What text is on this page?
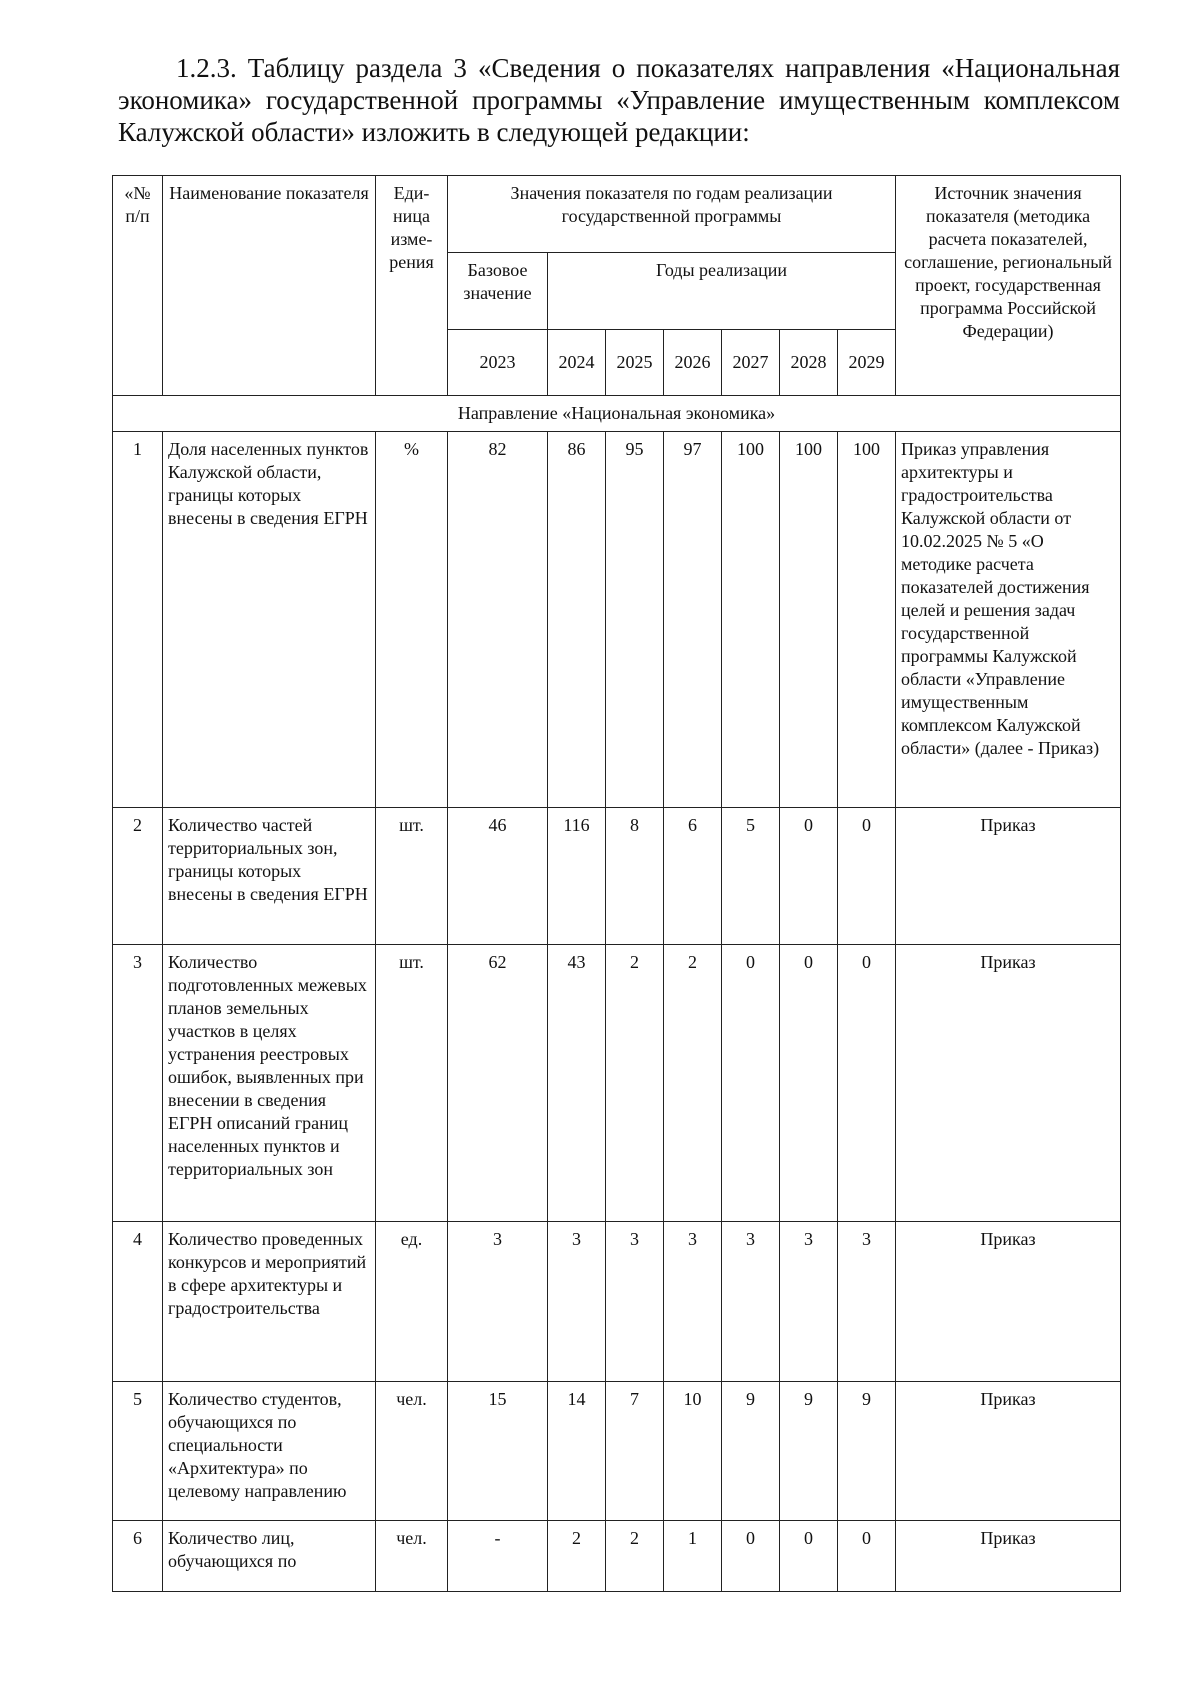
1.2.3. Таблицу раздела 3 «Сведения о показателях направления «Национальная экономика» государственной программы «Управление имущественным комплексом Калужской области» изложить в следующей редакции:

«№ п/п	Наименование показателя	Еди-ница изме-рения	Значения показателя по годам реализации государственной программы							Источник значения показателя (методика расчета показателей, соглашение, региональный проект, государственная программа Российской Федерации)
			Базовое значение	Годы реализации						
			2023	2024	2025	2026	2027	2028	2029	
Направление «Национальная экономика»										
1	Доля населенных пунктов Калужской области, границы которых внесены в сведения ЕГРН	%	82	86	95	97	100	100	100	Приказ управления архитектуры и градостроительства Калужской области от 10.02.2025 № 5 «О методике расчета показателей достижения целей и решения задач государственной программы Калужской области «Управление имущественным комплексом Калужской области» (далее - Приказ)
2	Количество частей территориальных зон, границы которых внесены в сведения ЕГРН	шт.	46	116	8	6	5	0	0	Приказ
3	Количество подготовленных межевых планов земельных участков в целях устранения реестровых ошибок, выявленных при внесении в сведения ЕГРН описаний границ населенных пунктов и территориальных зон	шт.	62	43	2	2	0	0	0	Приказ
4	Количество проведенных конкурсов и мероприятий в сфере архитектуры и градостроительства	ед.	3	3	3	3	3	3	3	Приказ
5	Количество студентов, обучающихся по специальности «Архитектура» по целевому направлению	чел.	15	14	7	10	9	9	9	Приказ
6	Количество лиц, обучающихся по	чел.	-	2	2	1	0	0	0	Приказ
